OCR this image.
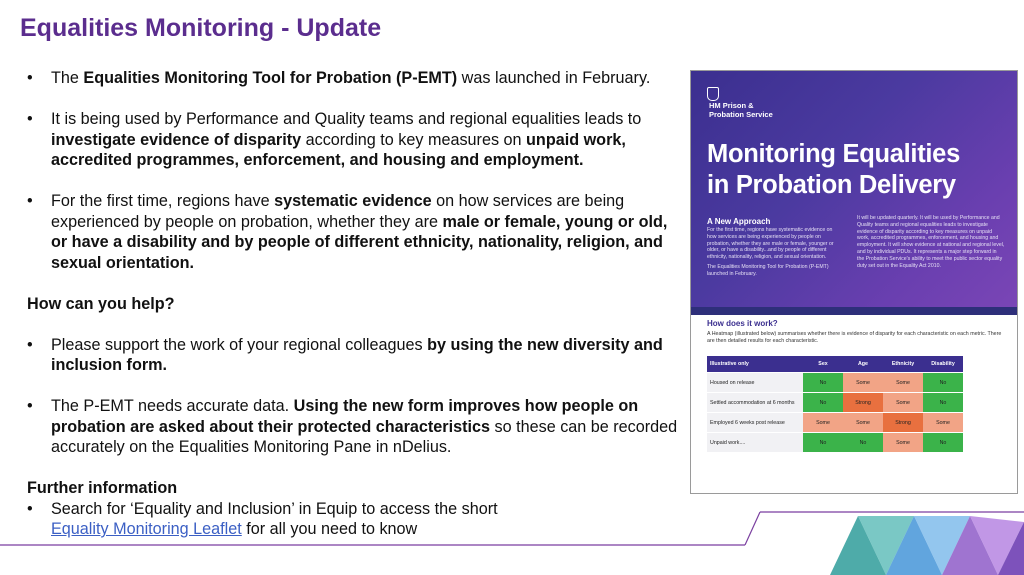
Equalities Monitoring - Update
• The Equalities Monitoring Tool for Probation (P-EMT) was launched in February.
• It is being used by Performance and Quality teams and regional equalities leads to investigate evidence of disparity according to key measures on unpaid work, accredited programmes, enforcement, and housing and employment.
• For the first time, regions have systematic evidence on how services are being experienced by people on probation, whether they are male or female, young or old, or have a disability and by people of different ethnicity, nationality, religion, and sexual orientation.
How can you help?
• Please support the work of your regional colleagues by using the new diversity and inclusion form.
• The P-EMT needs accurate data. Using the new form improves how people on probation are asked about their protected characteristics so these can be recorded accurately on the Equalities Monitoring Pane in nDelius.
Further information
• Search for ‘Equality and Inclusion’ in Equip to access the short
Equality Monitoring Leaflet for all you need to know
HM Prison &
Probation Service
Monitoring Equalities
in Probation Delivery
A New Approach

For the first time, regions have systematic evidence on how services are being experienced by people on probation, whether they are male or female, younger or older, or have a disability...and by people of different ethnicity, nationality, religion, and sexual orientation.

The Equalities Monitoring Tool for Probation (P-EMT) launched in February.

It will be updated quarterly. It will be used by Performance and Quality teams and regional equalities leads to investigate evidence of disparity according to key measures on unpaid work, accredited programmes, enforcement, and housing and employment. It will show evidence at national and regional level, and by individual PDUs. It represents a major step forward in the Probation Service's ability to meet the public sector equality duty set out in the Equality Act 2010.

How does it work?
A Heatmap (illustrated below) summarises whether there is evidence of disparity for each characteristic on each metric. There are then detailed results for each characteristic.
Illustrative only	Sex	Age	Ethnicity	Disability
Housed on release	No	Some	Some	No
Settled accommodation at 6 months	No	Strong	Some	No
Employed 6 weeks post release	Some	Some	Strong	Some
Unpaid work....	No	No	Some	No
